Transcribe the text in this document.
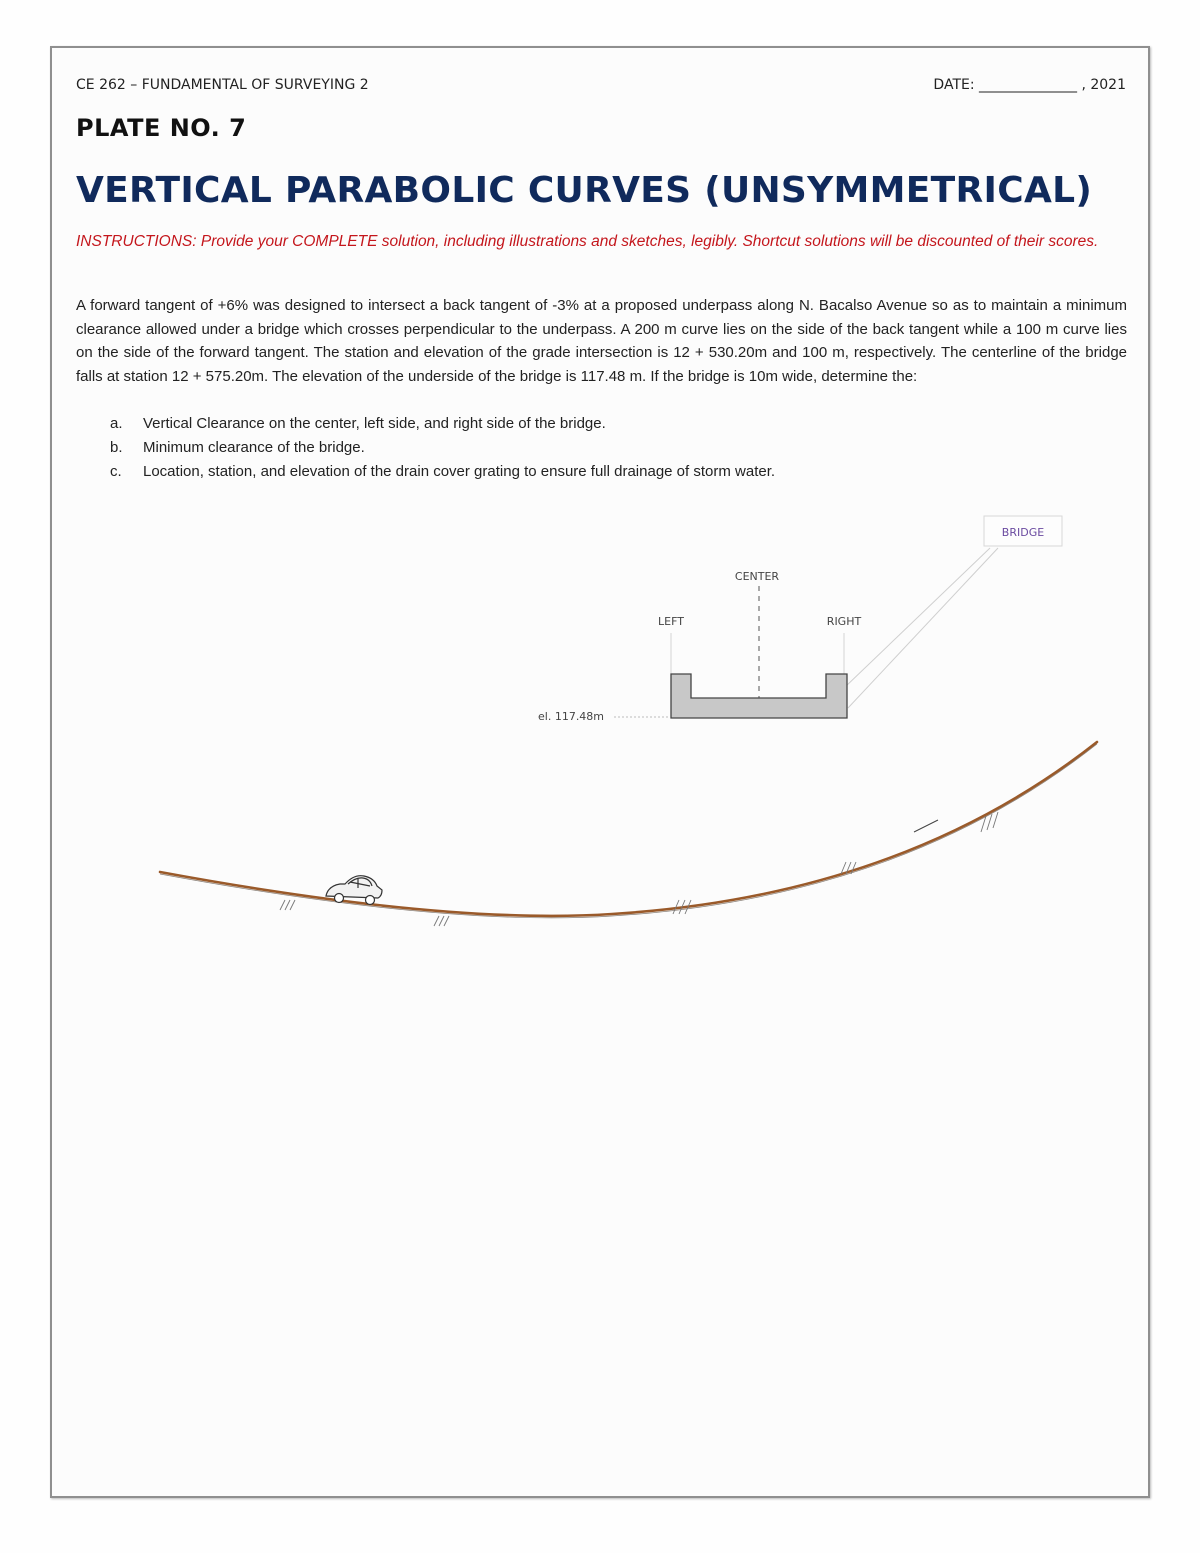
CE 262 – FUNDAMENTAL OF SURVEYING 2	DATE: ______________ , 2021
PLATE NO. 7
VERTICAL PARABOLIC CURVES (UNSYMMETRICAL)
INSTRUCTIONS: Provide your COMPLETE solution, including illustrations and sketches, legibly. Shortcut solutions will be discounted of their scores.
A forward tangent of +6% was designed to intersect a back tangent of -3% at a proposed underpass along N. Bacalso Avenue so as to maintain a minimum clearance allowed under a bridge which crosses perpendicular to the underpass. A 200 m curve lies on the side of the back tangent while a 100 m curve lies on the side of the forward tangent. The station and elevation of the grade intersection is 12 + 530.20m and 100 m, respectively. The centerline of the bridge falls at station 12 + 575.20m. The elevation of the underside of the bridge is 117.48 m. If the bridge is 10m wide, determine the:
a.	Vertical Clearance on the center, left side, and right side of the bridge.
b.	Minimum clearance of the bridge.
c.	Location, station, and elevation of the drain cover grating to ensure full drainage of storm water.
BRIDGE
CENTER
LEFT	RIGHT
el. 117.48m
